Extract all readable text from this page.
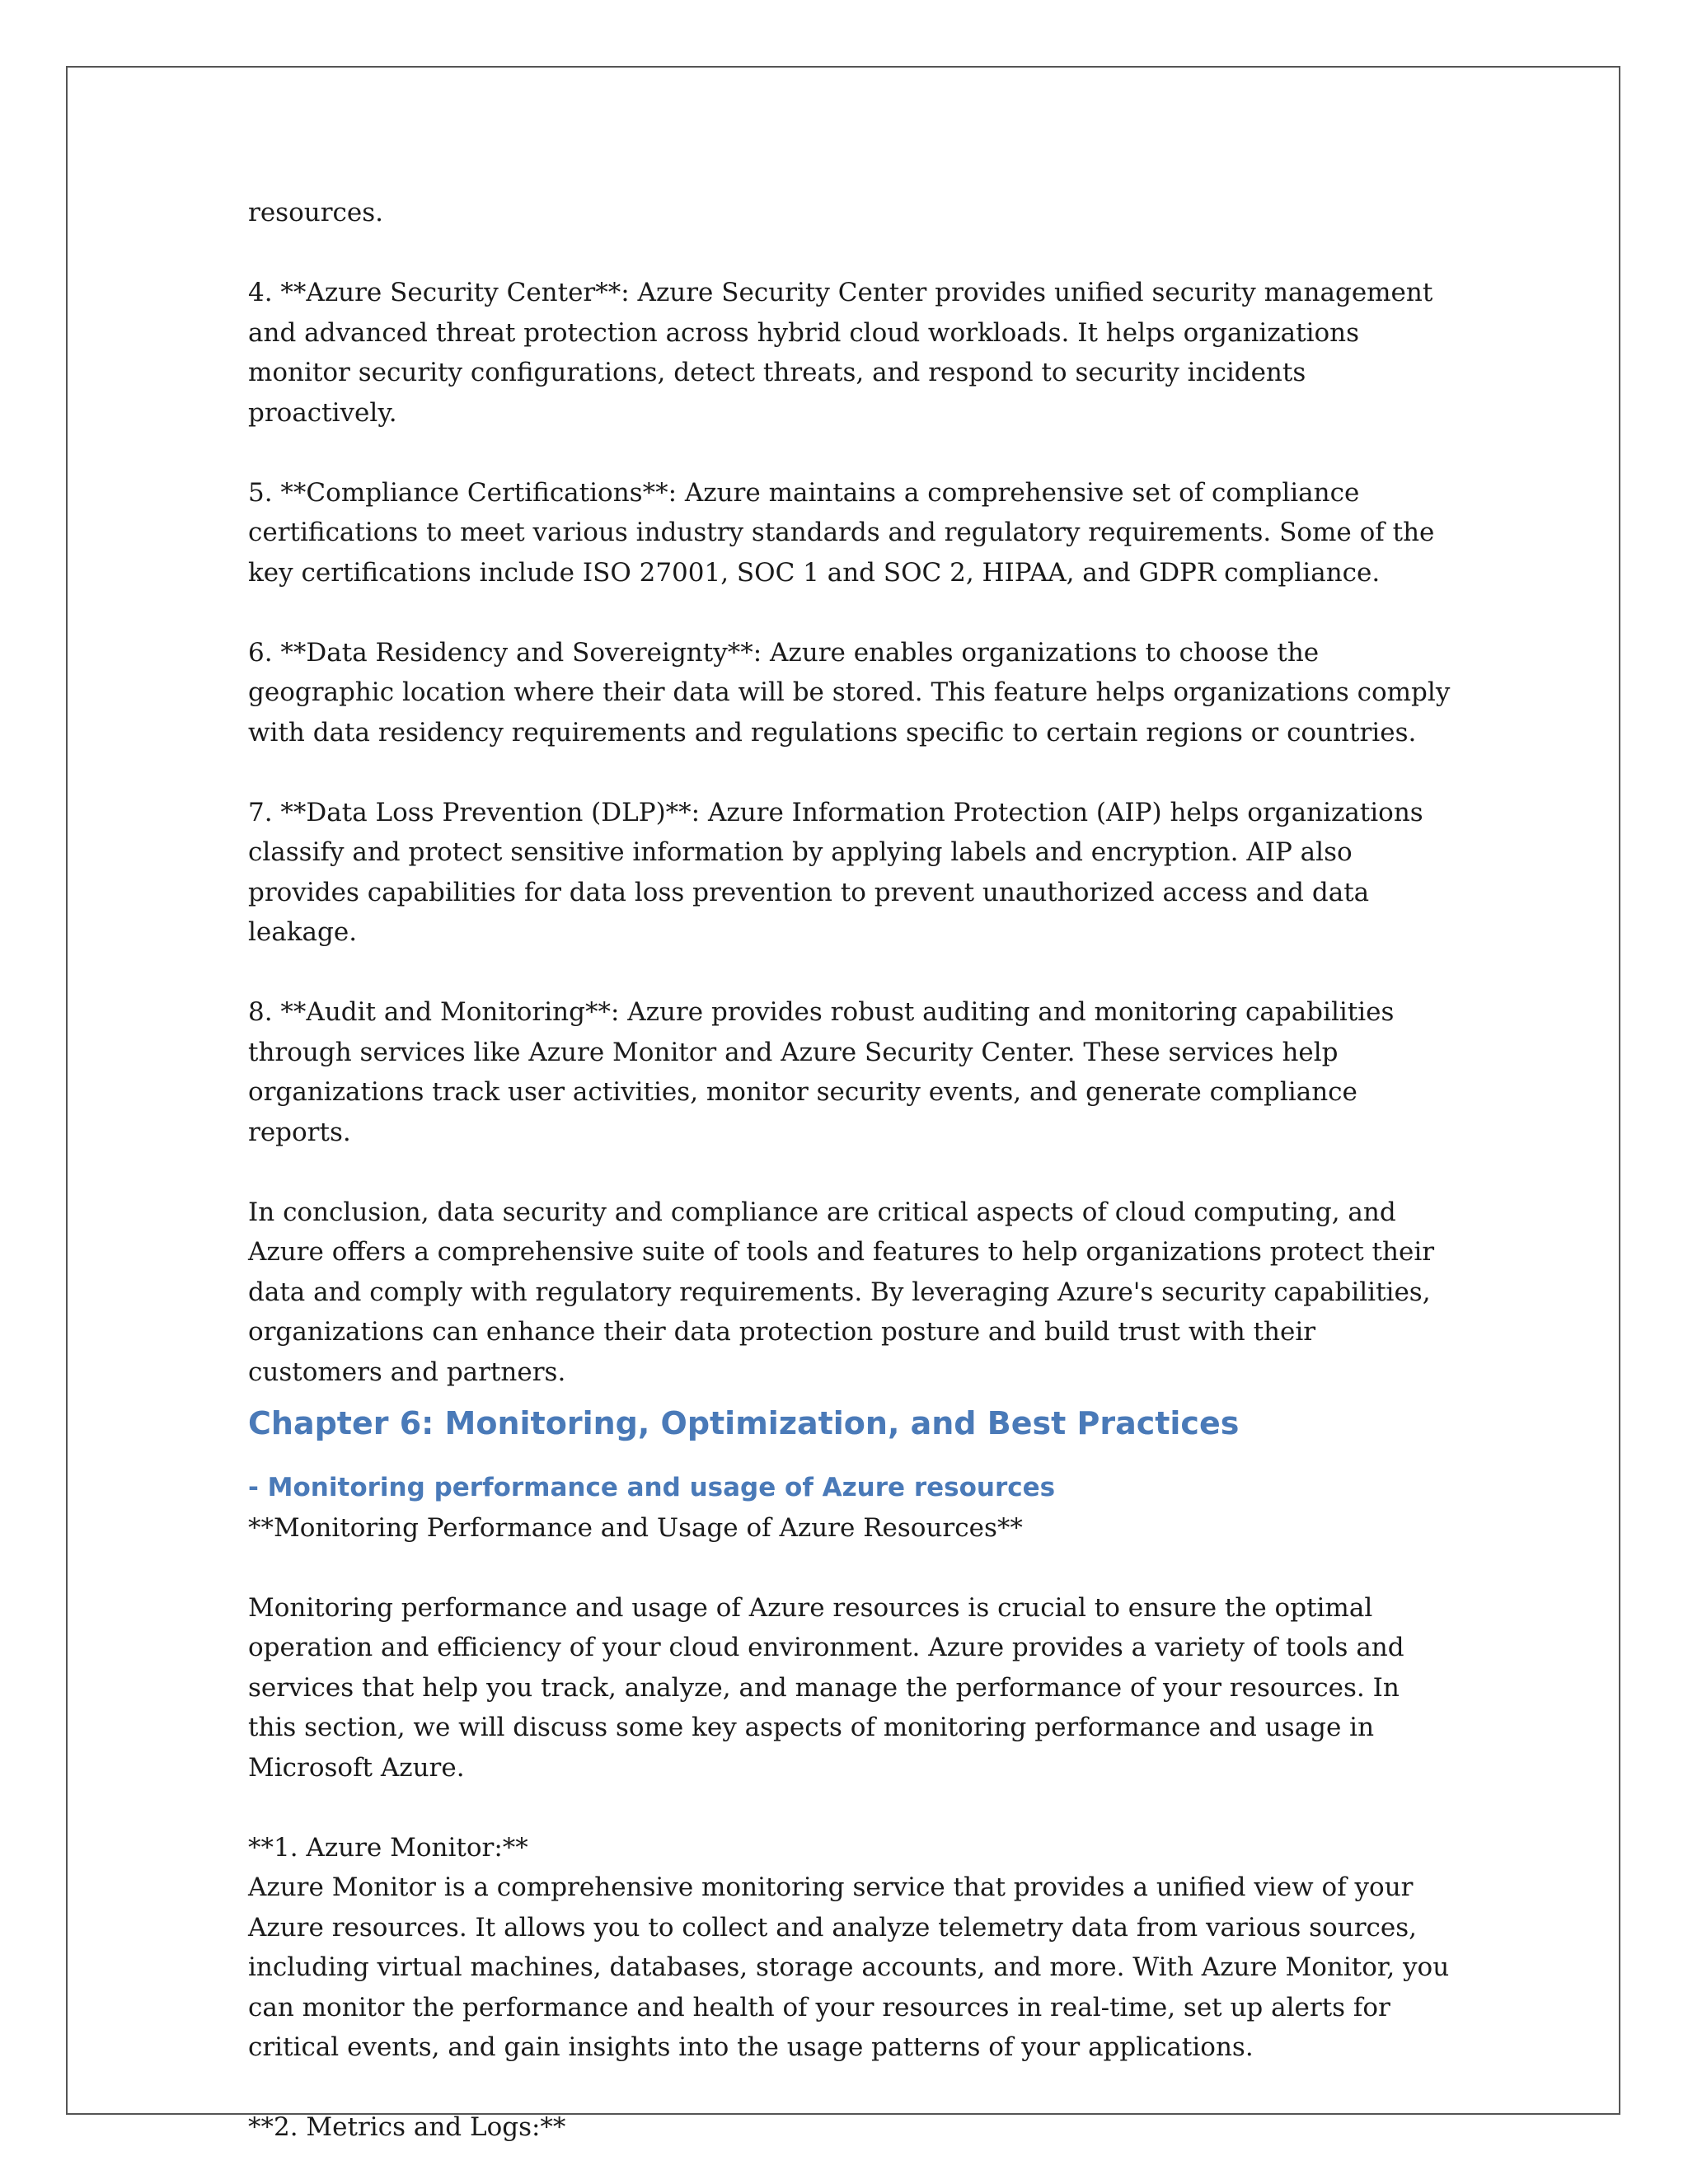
resources.

4. **Azure Security Center**: Azure Security Center provides unified security management and advanced threat protection across hybrid cloud workloads. It helps organizations monitor security configurations, detect threats, and respond to security incidents proactively.

5. **Compliance Certifications**: Azure maintains a comprehensive set of compliance certifications to meet various industry standards and regulatory requirements. Some of the key certifications include ISO 27001, SOC 1 and SOC 2, HIPAA, and GDPR compliance.

6. **Data Residency and Sovereignty**: Azure enables organizations to choose the geographic location where their data will be stored. This feature helps organizations comply with data residency requirements and regulations specific to certain regions or countries.

7. **Data Loss Prevention (DLP)**: Azure Information Protection (AIP) helps organizations classify and protect sensitive information by applying labels and encryption. AIP also provides capabilities for data loss prevention to prevent unauthorized access and data leakage.

8. **Audit and Monitoring**: Azure provides robust auditing and monitoring capabilities through services like Azure Monitor and Azure Security Center. These services help organizations track user activities, monitor security events, and generate compliance reports.

In conclusion, data security and compliance are critical aspects of cloud computing, and Azure offers a comprehensive suite of tools and features to help organizations protect their data and comply with regulatory requirements. By leveraging Azure's security capabilities, organizations can enhance their data protection posture and build trust with their customers and partners.

Chapter 6: Monitoring, Optimization, and Best Practices
- Monitoring performance and usage of Azure resources

**Monitoring Performance and Usage of Azure Resources**

Monitoring performance and usage of Azure resources is crucial to ensure the optimal operation and efficiency of your cloud environment. Azure provides a variety of tools and services that help you track, analyze, and manage the performance of your resources. In this section, we will discuss some key aspects of monitoring performance and usage in Microsoft Azure.

**1. Azure Monitor:**

Azure Monitor is a comprehensive monitoring service that provides a unified view of your Azure resources. It allows you to collect and analyze telemetry data from various sources, including virtual machines, databases, storage accounts, and more. With Azure Monitor, you can monitor the performance and health of your resources in real-time, set up alerts for critical events, and gain insights into the usage patterns of your applications.

**2. Metrics and Logs:**
